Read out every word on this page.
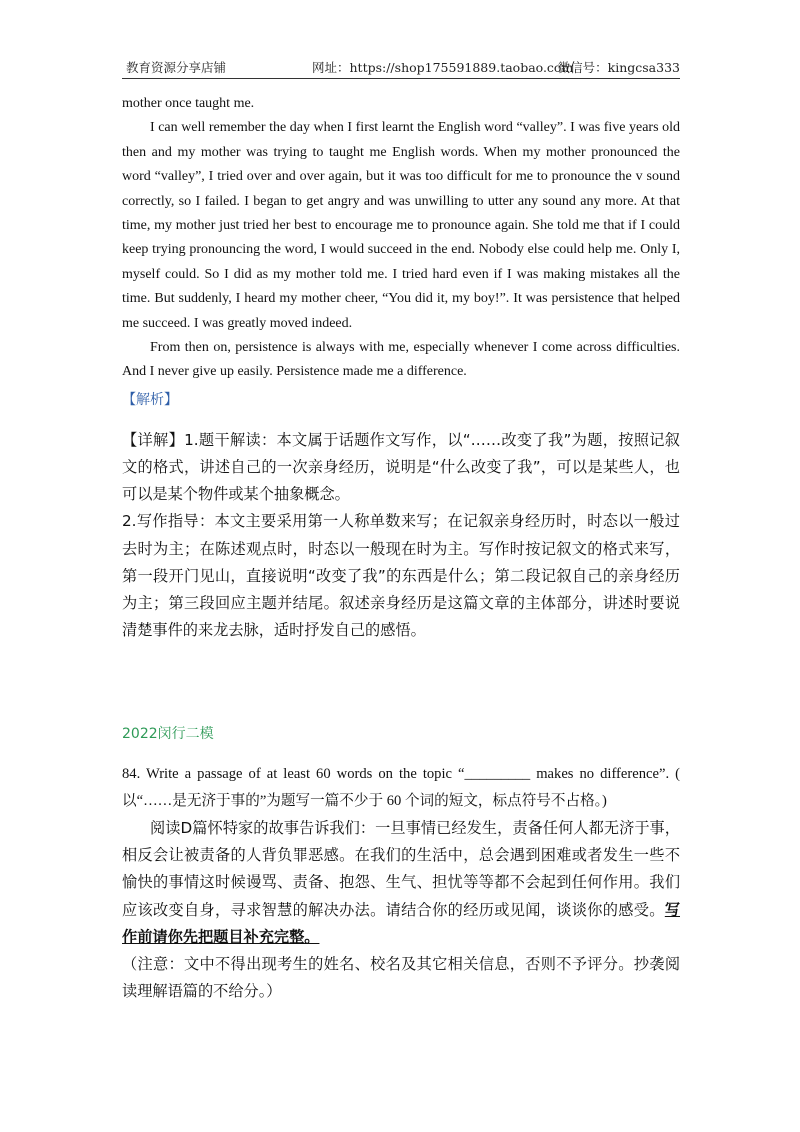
教育资源分享店铺	网址：https://shop175591889.taobao.com
微信号：kingcsa333

mother once taught me.

I can well remember the day when I first learnt the English word “valley”. I was five years old then and my mother was trying to taught me English words. When my mother pronounced the word “valley”, I tried over and over again, but it was too difficult for me to pronounce the v sound correctly, so I failed. I began to get angry and was unwilling to utter any sound any more. At that time, my mother just tried her best to encourage me to pronounce again. She told me that if I could keep trying pronouncing the word, I would succeed in the end. Nobody else could help me. Only I, myself could. So I did as my mother told me. I tried hard even if I was making mistakes all the time. But suddenly, I heard my mother cheer, “You did it, my boy!”. It was persistence that helped me succeed. I was greatly moved indeed.

From then on, persistence is always with me, especially whenever I come across difficulties. And I never give up easily. Persistence made me a difference.

【解析】

【详解】1.题干解读：本文属于话题作文写作，以“……改变了我”为题，按照记叙文的格式，讲述自己的一次亲身经历，说明是“什么改变了我”，可以是某些人，也可以是某个物件或某个抽象概念。

2.写作指导：本文主要采用第一人称单数来写；在记叙亲身经历时，时态以一般过去时为主；在陈述观点时，时态以一般现在时为主。写作时按记叙文的格式来写，第一段开门见山，直接说明“改变了我”的东西是什么；第二段记叙自己的亲身经历为主；第三段回应主题并结尾。叙述亲身经历是这篇文章的主体部分，讲述时要说清楚事件的来龙去脉，适时抒发自己的感悟。

2022闵行二模

84. Write a passage of at least 60 words on the topic “_________ makes no difference”. ( 以“……是无济于事的”为题写一篇不少于 60 个词的短文，标点符号不占格。)

阅读D篇怀特家的故事告诉我们：一旦事情已经发生，责备任何人都无济于事，相反会让被责备的人背负罪恶感。在我们的生活中，总会遇到困难或者发生一些不愉快的事情这时候谩骂、责备、抱怨、生气、担忧等等都不会起到任何作用。我们应该改变自身，寻求智慧的解决办法。请结合你的经历或见闻，谈谈你的感受。写作前请你先把题目补充完整。

（注意：文中不得出现考生的姓名、校名及其它相关信息，否则不予评分。抄袭阅读理解语篇的不给分。）
